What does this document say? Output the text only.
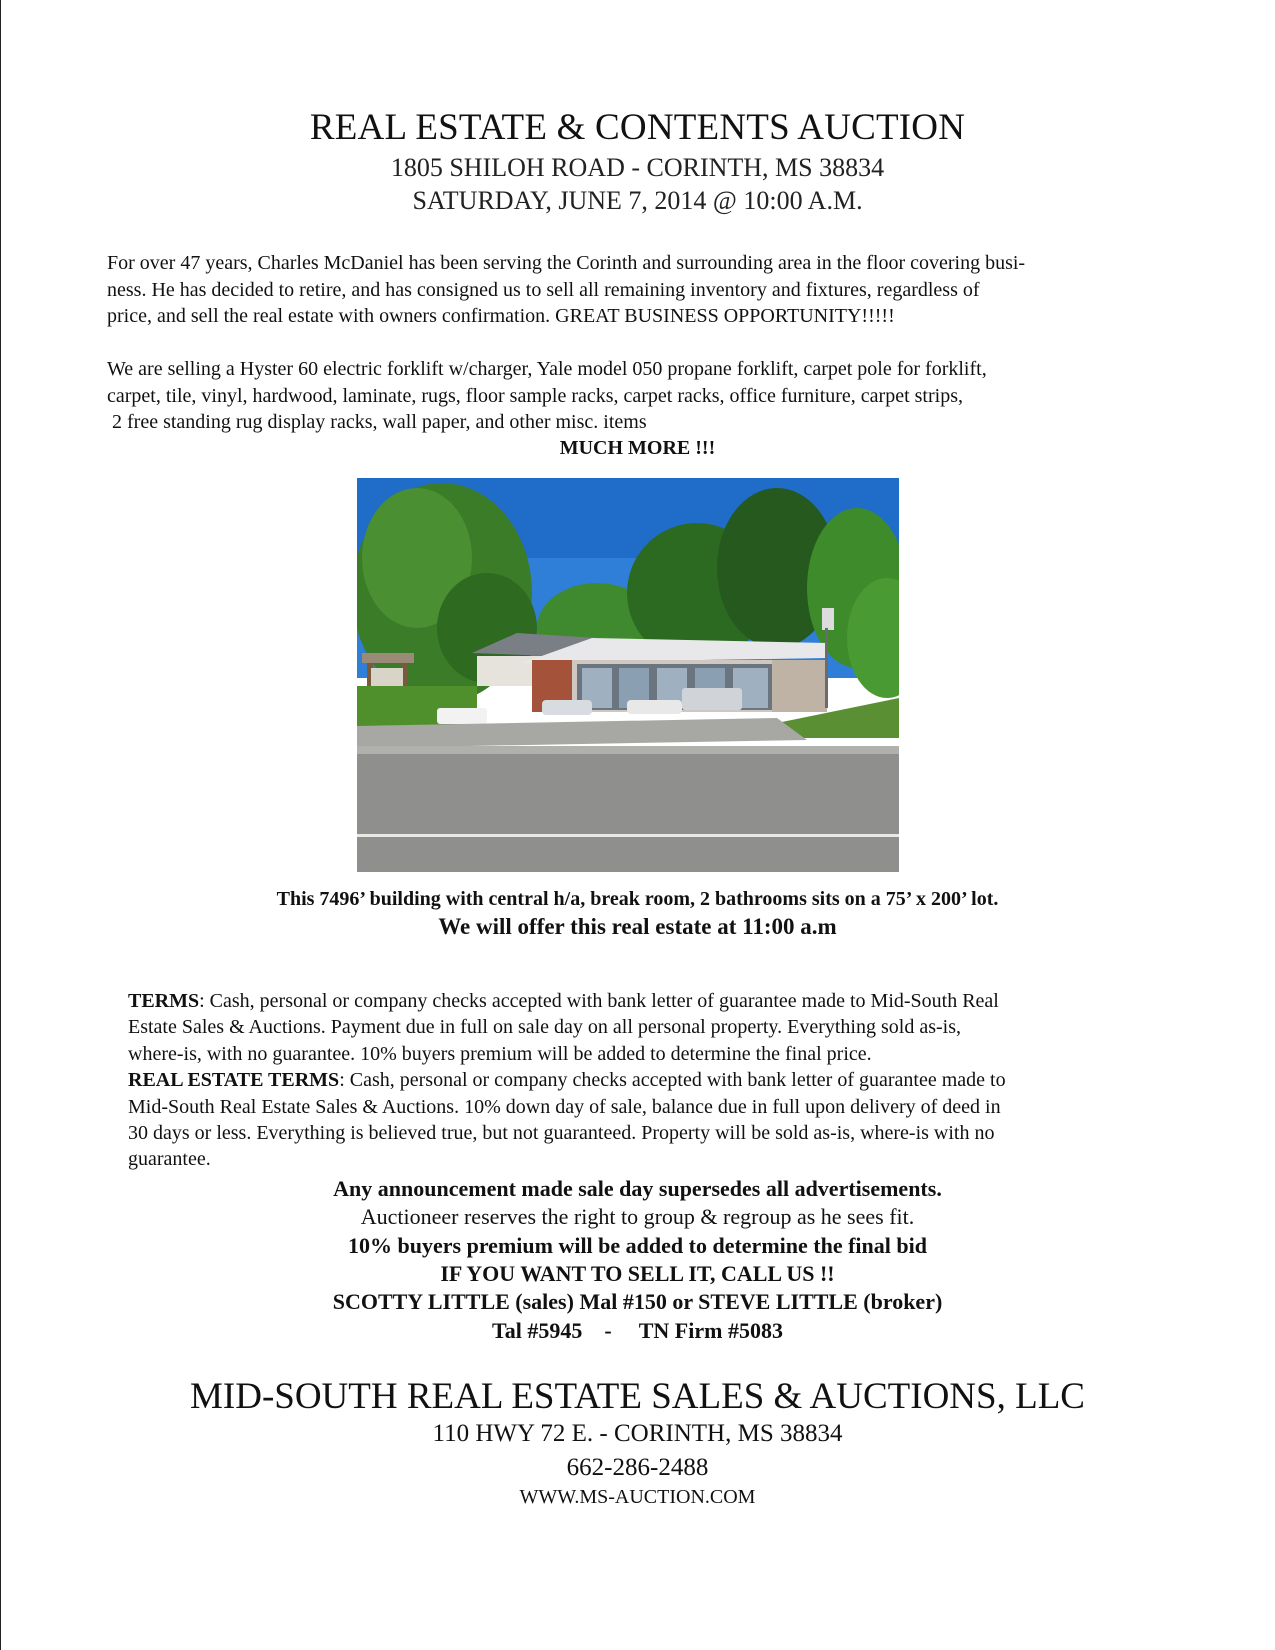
REAL ESTATE & CONTENTS AUCTION
1805 SHILOH ROAD - CORINTH, MS 38834
SATURDAY, JUNE 7, 2014 @ 10:00 A.M.
For over 47 years, Charles McDaniel has been serving the Corinth and surrounding area in the floor covering busi-
ness. He has decided to retire, and has consigned us to sell all remaining inventory and fixtures, regardless of
price, and sell the real estate with owners confirmation. GREAT BUSINESS OPPORTUNITY!!!!!
We are selling a Hyster 60 electric forklift w/charger, Yale model 050 propane forklift, carpet pole for forklift,
carpet, tile, vinyl, hardwood, laminate, rugs, floor sample racks, carpet racks, office furniture, carpet strips,
2 free standing rug display racks, wall paper, and other misc. items
MUCH MORE !!!
This 7496’ building with central h/a, break room, 2 bathrooms sits on a 75’ x 200’ lot.
We will offer this real estate at 11:00 a.m
TERMS: Cash, personal or company checks accepted with bank letter of guarantee made to Mid-South Real
Estate Sales & Auctions. Payment due in full on sale day on all personal property. Everything sold as-is,
where-is, with no guarantee. 10% buyers premium will be added to determine the final price.
REAL ESTATE TERMS: Cash, personal or company checks accepted with bank letter of guarantee made to
Mid-South Real Estate Sales & Auctions. 10% down day of sale, balance due in full upon delivery of deed in
30 days or less. Everything is believed true, but not guaranteed. Property will be sold as-is, where-is with no
guarantee.
Any announcement made sale day supersedes all advertisements.
Auctioneer reserves the right to group & regroup as he sees fit.
10% buyers premium will be added to determine the final bid
IF YOU WANT TO SELL IT, CALL US !!
SCOTTY LITTLE (sales) Mal #150 or STEVE LITTLE (broker)
Tal #5945    -     TN Firm #5083
MID-SOUTH REAL ESTATE SALES & AUCTIONS, LLC
110 HWY 72 E. - CORINTH, MS 38834
662-286-2488
WWW.MS-AUCTION.COM
